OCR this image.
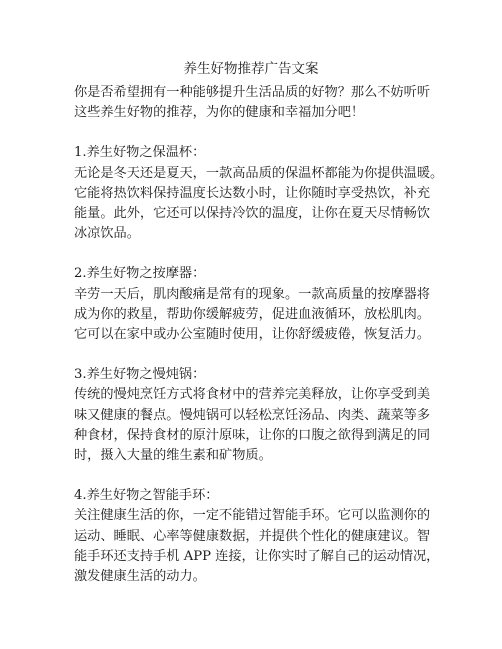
养生好物推荐广告文案

你是否希望拥有一种能够提升生活品质的好物？那么不妨听听
这些养生好物的推荐，为你的健康和幸福加分吧！

1.养生好物之保温杯：

无论是冬天还是夏天，一款高品质的保温杯都能为你提供温暖。
它能将热饮料保持温度长达数小时，让你随时享受热饮，补充
能量。此外，它还可以保持冷饮的温度，让你在夏天尽情畅饮
冰凉饮品。

2.养生好物之按摩器：

辛劳一天后，肌肉酸痛是常有的现象。一款高质量的按摩器将
成为你的救星，帮助你缓解疲劳，促进血液循环，放松肌肉。
它可以在家中或办公室随时使用，让你舒缓疲倦，恢复活力。

3.养生好物之慢炖锅：

传统的慢炖烹饪方式将食材中的营养完美释放，让你享受到美
味又健康的餐点。慢炖锅可以轻松烹饪汤品、肉类、蔬菜等多
种食材，保持食材的原汁原味，让你的口腹之欲得到满足的同
时，摄入大量的维生素和矿物质。

4.养生好物之智能手环：

关注健康生活的你，一定不能错过智能手环。它可以监测你的
运动、睡眠、心率等健康数据，并提供个性化的健康建议。智
能手环还支持手机 APP 连接，让你实时了解自己的运动情况，
激发健康生活的动力。
